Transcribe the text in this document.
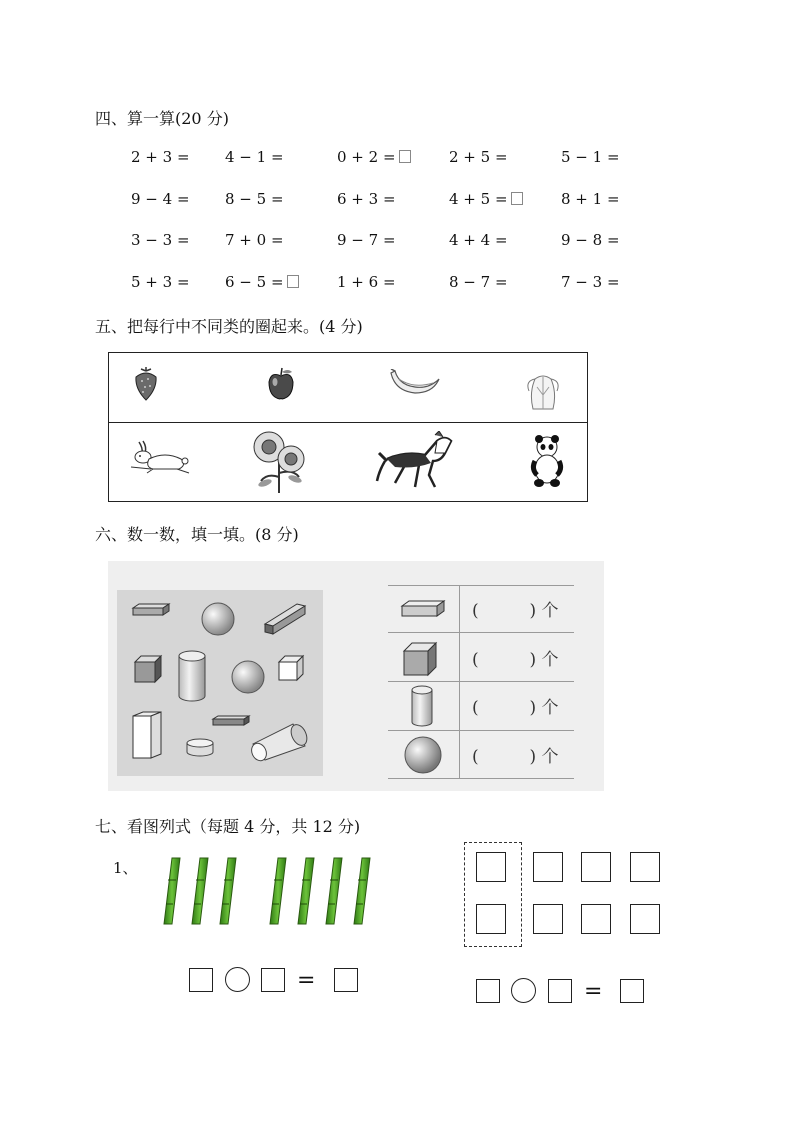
四、算一算(20 分)
2 + 3 = 4 − 1 =	0 + 2 =	2 + 5 =	5 − 1 =
9 − 4 = 8 − 5 =	6 + 3 =	4 + 5 =	8 + 1 =
3 − 3 = 7 + 0 =	9 − 7 =	4 + 4 =	9 − 8 =
5 + 3 = 6 − 5 =	1 + 6 =	8 − 7 =	7 − 3 =
五、把每行中不同类的圈起来。(4 分)
六、数一数，填一填。(8 分)
(	) 个
(	) 个
(	) 个
(	) 个
七、看图列式（每题 4 分，共 12 分)
1、
=	=
